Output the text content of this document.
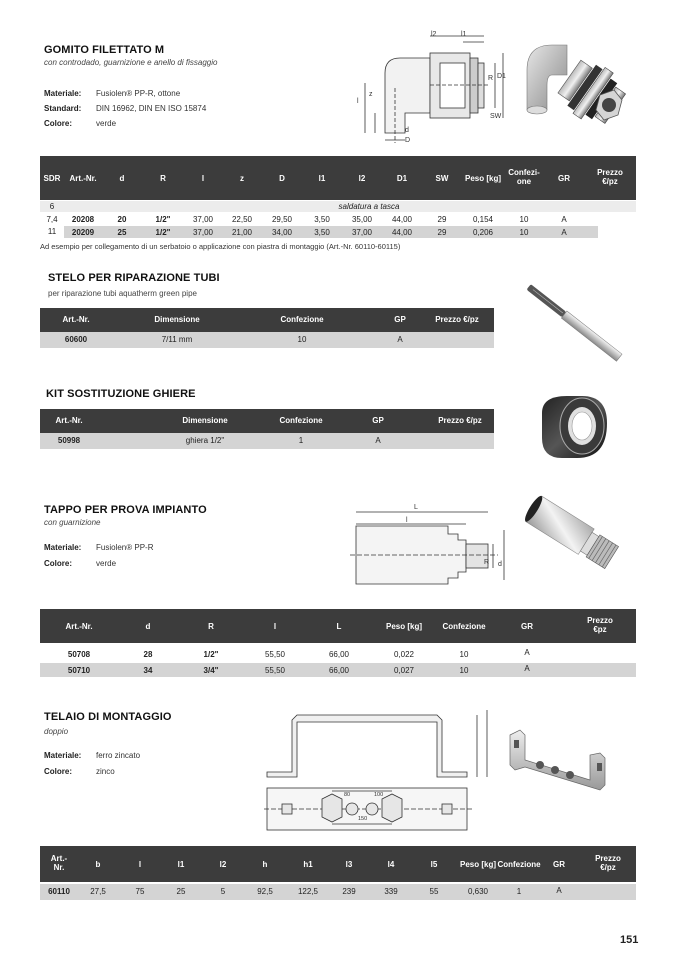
GOMITO FILETTATO M
con controdado, guarnizione e anello di fissaggio
Materiale:	Fusiolen® PP-R, ottone
Standard:	DIN 16962, DIN EN ISO 15874
Colore:	verde
l2	l1
z
l
R D1
SW
d
D
SDR	Art.-Nr.	d	R	l	z	D	l1	l2	D1	SW	Peso [kg]
Confezi-
one	GR
Prezzo
€/pz
6	saldatura a tasca
7,4	20208	20	1/2"	37,00	22,50	29,50	3,50	35,00	44,00	29	0,154	10	A
11	20209	25	1/2"	37,00	21,00	34,00	3,50	37,00	44,00	29	0,206	10	A
Ad esempio per collegamento di un serbatoio o applicazione con piastra di montaggio (Art.-Nr. 60110-60115)
STELO PER RIPARAZIONE TUBI
per riparazione tubi aquatherm green pipe
Art.-Nr.	Dimensione	Confezione	GP	Prezzo €/pz
60600	7/11 mm	10	A
KIT SOSTITUZIONE GHIERE
Art.-Nr.	Dimensione	Confezione	GP	Prezzo €/pz
50998	ghiera 1/2"	1	A
TAPPO PER PROVA IMPIANTO
con guarnizione
Materiale:	Fusiolen® PP-R
Colore:	verde
L
l
R d
Art.-Nr.	d	R	l	L	Peso [kg]	Confezione	GR
Prezzo
€pz
50708	28	1/2"	55,50	66,00	0,022	10	A
50710	34	3/4"	55,50	66,00	0,027	10	A
TELAIO DI MONTAGGIO
doppio
Materiale:	ferro zincato
Colore:	zinco
80	100
150
Art.-
Nr.	b	l	l1	l2	h	h1	l3	l4	l5	Peso [kg] Confezione	GR
Prezzo
€/pz
60110	27,5	75	25	5	92,5	122,5	239	339	55	0,630	1	A
151
